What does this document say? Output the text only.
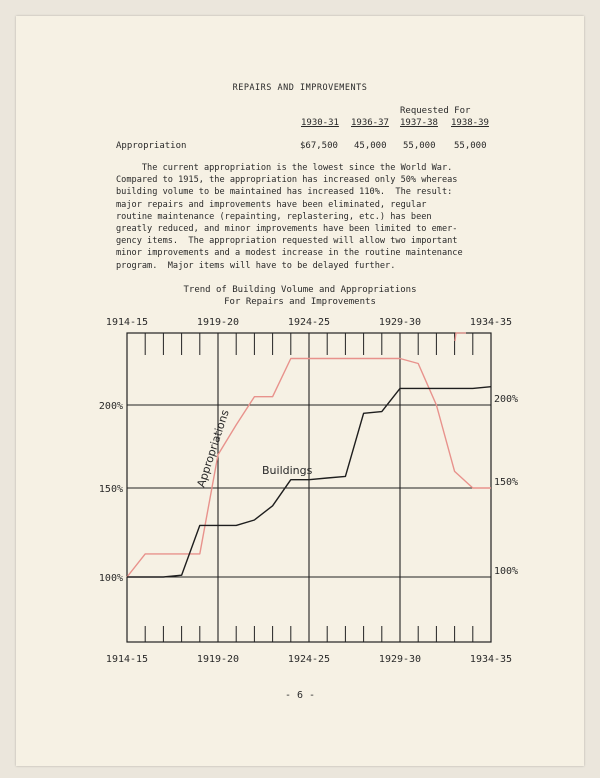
REPAIRS AND IMPROVEMENTS
Requested For
1930-31 1936-37 1937-38 1938-39
Appropriation	$67,500 45,000 55,000 55,000
The current appropriation is the lowest since the World War.
Compared to 1915, the appropriation has increased only 50% whereas
building volume to be maintained has increased 110%.  The result:
major repairs and improvements have been eliminated, regular
routine maintenance (repainting, replastering, etc.) has been
greatly reduced, and minor improvements have been limited to emer-
gency items.  The appropriation requested will allow two important
minor improvements and a modest increase in the routine maintenance
program.  Major items will have to be delayed further.
Trend of Building Volume and Appropriations
For Repairs and Improvements
1914-15	1919-20	1924-25	1929-30	1934-35
1914-15	1919-20	1924-25	1929-30	1934-35
200%
150%
100%
200%
150%
100%
Appropriations	Buildings
- 6 -
